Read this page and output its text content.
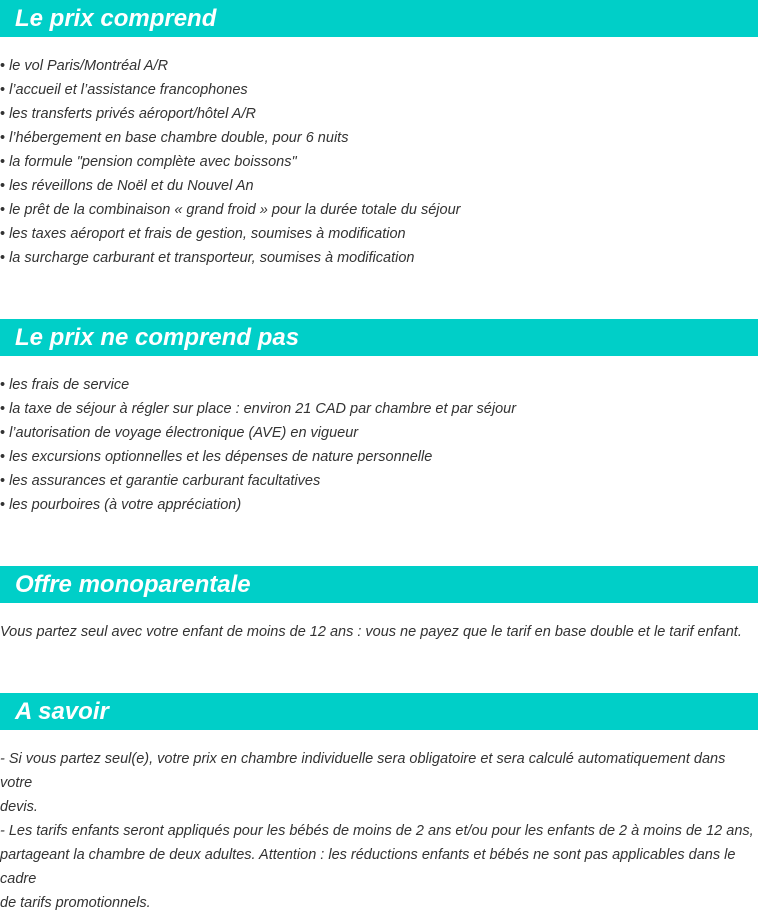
Le prix comprend
• le vol Paris/Montréal A/R
• l’accueil et l’assistance francophones
• les transferts privés aéroport/hôtel A/R
• l’hébergement en base chambre double, pour 6 nuits
• la formule "pension complète avec boissons"
• les réveillons de Noël et du Nouvel An
• le prêt de la combinaison « grand froid » pour la durée totale du séjour
• les taxes aéroport et frais de gestion, soumises à modification
• la surcharge carburant et transporteur, soumises à modification
Le prix ne comprend pas
• les frais de service
• la taxe de séjour à régler sur place : environ 21 CAD par chambre et par séjour
• l’autorisation de voyage électronique (AVE) en vigueur
• les excursions optionnelles et les dépenses de nature personnelle
• les assurances et garantie carburant facultatives
• les pourboires (à votre appréciation)
Offre monoparentale
Vous partez seul avec votre enfant de moins de 12 ans : vous ne payez que le tarif en base double et le tarif enfant.
A savoir
- Si vous partez seul(e), votre prix en chambre individuelle sera obligatoire et sera calculé automatiquement dans votre
devis.
- Les tarifs enfants seront appliqués pour les bébés de moins de 2 ans et/ou pour les enfants de 2 à moins de 12 ans,
partageant la chambre de deux adultes. Attention : les réductions enfants et bébés ne sont pas applicables dans le cadre
de tarifs promotionnels.
